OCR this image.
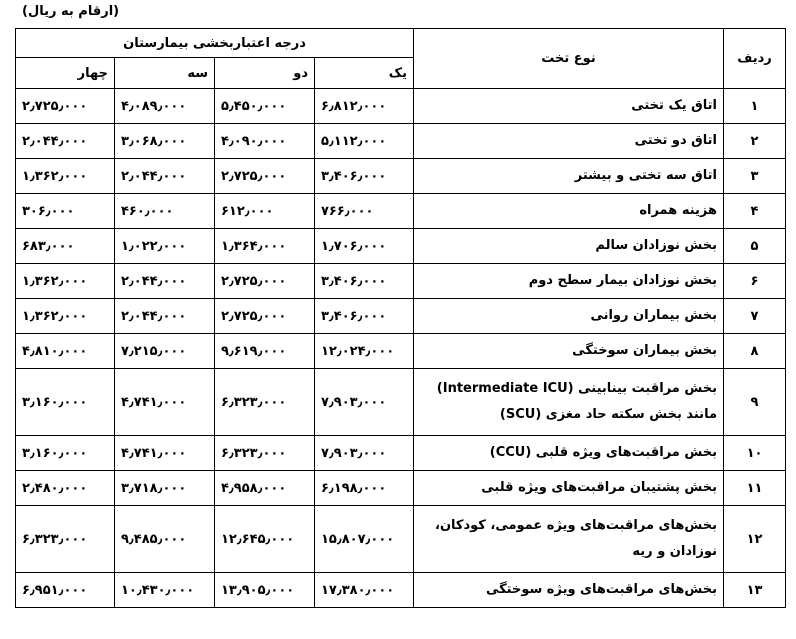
(ارقام به ریال)
ردیف	نوع تخت	درجه اعتباربخشی بیمارستان			
		یک	دو	سه	چهار
۱	اتاق یک تختی	۶٫۸۱۲٫۰۰۰	۵٫۴۵۰٫۰۰۰	۴٫۰۸۹٫۰۰۰	۲٫۷۲۵٫۰۰۰
۲	اتاق دو تختی	۵٫۱۱۲٫۰۰۰	۴٫۰۹۰٫۰۰۰	۳٫۰۶۸٫۰۰۰	۲٫۰۴۴٫۰۰۰
۳	اتاق سه تختی و بیشتر	۳٫۴۰۶٫۰۰۰	۲٫۷۲۵٫۰۰۰	۲٫۰۴۴٫۰۰۰	۱٫۳۶۲٫۰۰۰
۴	هزینه همراه	۷۶۶٫۰۰۰	۶۱۲٫۰۰۰	۴۶۰٫۰۰۰	۳۰۶٫۰۰۰
۵	بخش نوزادان سالم	۱٫۷۰۶٫۰۰۰	۱٫۳۶۴٫۰۰۰	۱٫۰۲۲٫۰۰۰	۶۸۳٫۰۰۰
۶	بخش نوزادان بیمار سطح دوم	۳٫۴۰۶٫۰۰۰	۲٫۷۲۵٫۰۰۰	۲٫۰۴۴٫۰۰۰	۱٫۳۶۲٫۰۰۰
۷	بخش بیماران روانی	۳٫۴۰۶٫۰۰۰	۲٫۷۲۵٫۰۰۰	۲٫۰۴۴٫۰۰۰	۱٫۳۶۲٫۰۰۰
۸	بخش بیماران سوختگی	۱۲٫۰۲۴٫۰۰۰	۹٫۶۱۹٫۰۰۰	۷٫۲۱۵٫۰۰۰	۴٫۸۱۰٫۰۰۰
۹	بخش مراقبت بینابینی (Intermediate ICU)
مانند بخش سکته حاد مغزی (SCU)	۷٫۹۰۳٫۰۰۰	۶٫۳۲۳٫۰۰۰	۴٫۷۴۱٫۰۰۰	۳٫۱۶۰٫۰۰۰
۱۰	بخش مراقبت‌های ویژه قلبی (CCU)	۷٫۹۰۳٫۰۰۰	۶٫۳۲۳٫۰۰۰	۴٫۷۴۱٫۰۰۰	۳٫۱۶۰٫۰۰۰
۱۱	بخش پشتیبان مراقبت‌های ویژه قلبی	۶٫۱۹۸٫۰۰۰	۴٫۹۵۸٫۰۰۰	۳٫۷۱۸٫۰۰۰	۲٫۴۸۰٫۰۰۰
۱۲	بخش‌های مراقبت‌های ویژه عمومی، کودکان،
نوزادان و ریه	۱۵٫۸۰۷٫۰۰۰	۱۲٫۶۴۵٫۰۰۰	۹٫۴۸۵٫۰۰۰	۶٫۳۲۳٫۰۰۰
۱۳	بخش‌های مراقبت‌های ویژه سوختگی	۱۷٫۳۸۰٫۰۰۰	۱۳٫۹۰۵٫۰۰۰	۱۰٫۴۳۰٫۰۰۰	۶٫۹۵۱٫۰۰۰
